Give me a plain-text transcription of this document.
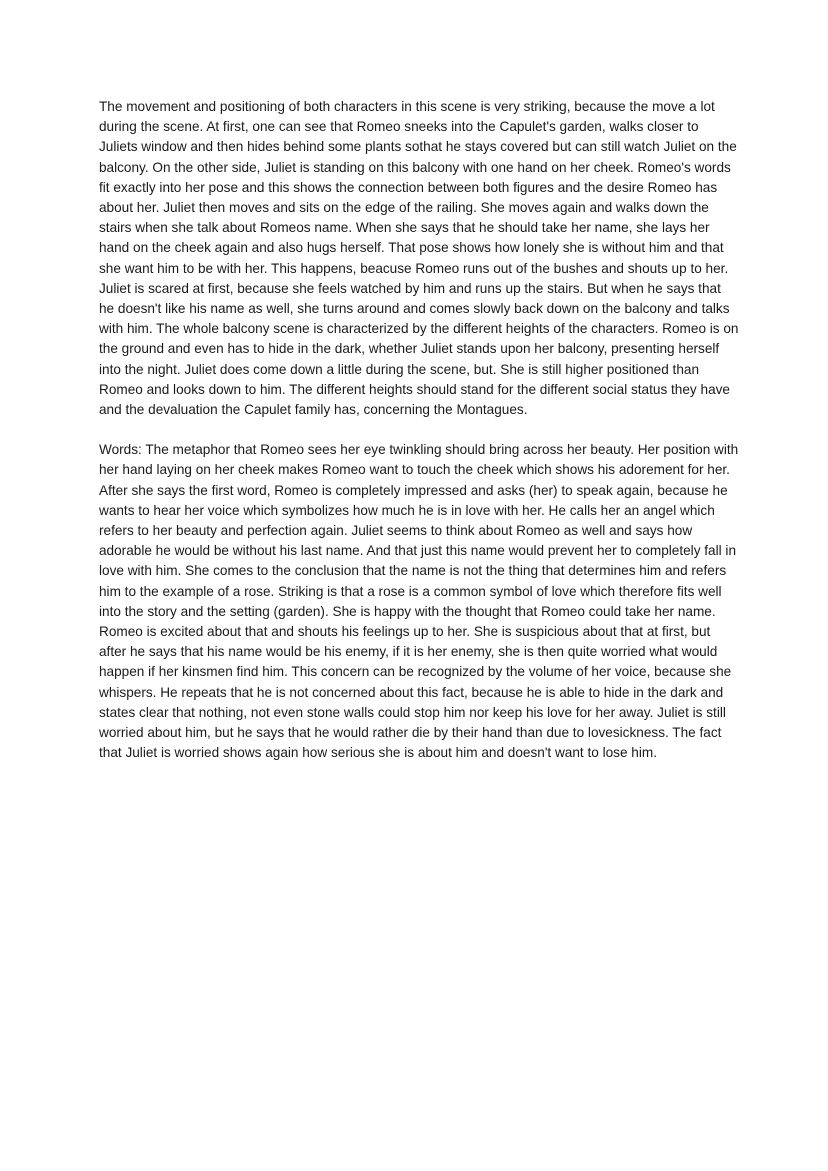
The movement and positioning of both characters in this scene is very striking, because the move a lot during the scene. At first, one can see that Romeo sneeks into the Capulet's garden, walks closer to Juliets window and then hides behind some plants sothat he stays covered but can still watch Juliet on the balcony. On the other side, Juliet is standing on this balcony with one hand on her cheek. Romeo's words fit exactly into her pose and this shows the connection between both figures and the desire Romeo has about her. Juliet then moves and sits on the edge of the railing. She moves again and walks down the stairs when she talk about Romeos name. When she says that he should take her name, she lays her hand on the cheek again and also hugs herself. That pose shows how lonely she is without him and that she want him to be with her. This happens, beacuse Romeo runs out of the bushes and shouts up to her. Juliet is scared at first, because she feels watched by him and runs up the stairs. But when he says that he doesn't like his name as well, she turns around and comes slowly back down on the balcony and talks with him. The whole balcony scene is characterized by the different heights of the characters. Romeo is on the ground and even has to hide in the dark, whether Juliet stands upon her balcony, presenting herself into the night. Juliet does come down a little during the scene, but. She is still higher positioned than Romeo and looks down to him. The different heights should stand for the different social status they have and the devaluation the Capulet family has, concerning the Montagues.

Words: The metaphor that Romeo sees her eye twinkling should bring across her beauty. Her position with her hand laying on her cheek makes Romeo want to touch the cheek which shows his adorement for her. After she says the first word, Romeo is completely impressed and asks (her) to speak again, because he wants to hear her voice which symbolizes how much he is in love with her. He calls her an angel which refers to her beauty and perfection again. Juliet seems to think about Romeo as well and says how adorable he would be without his last name. And that just this name would prevent her to completely fall in love with him. She comes to the conclusion that the name is not the thing that determines him and refers him to the example of a rose. Striking is that a rose is a common symbol of love which therefore fits well into the story and the setting (garden). She is happy with the thought that Romeo could take her name. Romeo is excited about that and shouts his feelings up to her. She is suspicious about that at first, but after he says that his name would be his enemy, if it is her enemy, she is then quite worried what would happen if her kinsmen find him. This concern can be recognized by the volume of her voice, because she whispers. He repeats that he is not concerned about this fact, because he is able to hide in the dark and states clear that nothing, not even stone walls could stop him nor keep his love for her away. Juliet is still worried about him, but he says that he would rather die by their hand than due to lovesickness. The fact that Juliet is worried shows again how serious she is about him and doesn't want to lose him.
